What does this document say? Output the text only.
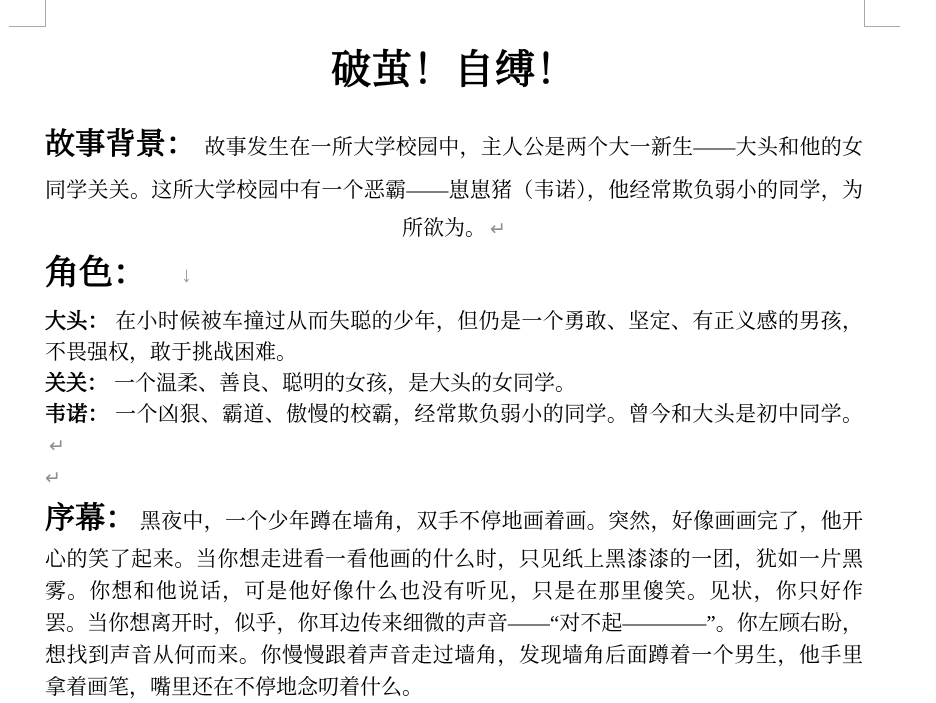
破茧！自缚！

故事背景： 故事发生在一所大学校园中，主人公是两个大一新生——大头和他的女同学关关。这所大学校园中有一个恶霸——崽崽猪（韦诺），他经常欺负弱小的同学，为所欲为。 ↵

角色： ↓

大头： 在小时候被车撞过从而失聪的少年，但仍是一个勇敢、坚定、有正义感的男孩，不畏强权，敢于挑战困难。

关关： 一个温柔、善良、聪明的女孩，是大头的女同学。

韦诺： 一个凶狠、霸道、傲慢的校霸，经常欺负弱小的同学。曾今和大头是初中同学。↵

↵

序幕： 黑夜中，一个少年蹲在墙角，双手不停地画着画。突然，好像画画完了，他开心的笑了起来。当你想走进看一看他画的什么时，只见纸上黑漆漆的一团，犹如一片黑雾。你想和他说话，可是他好像什么也没有听见，只是在那里傻笑。见状，你只好作罢。当你想离开时，似乎，你耳边传来细微的声音——“对不起————”。你左顾右盼，想找到声音从何而来。你慢慢跟着声音走过墙角，发现墙角后面蹲着一个男生，他手里拿着画笔，嘴里还在不停地念叨着什么。
